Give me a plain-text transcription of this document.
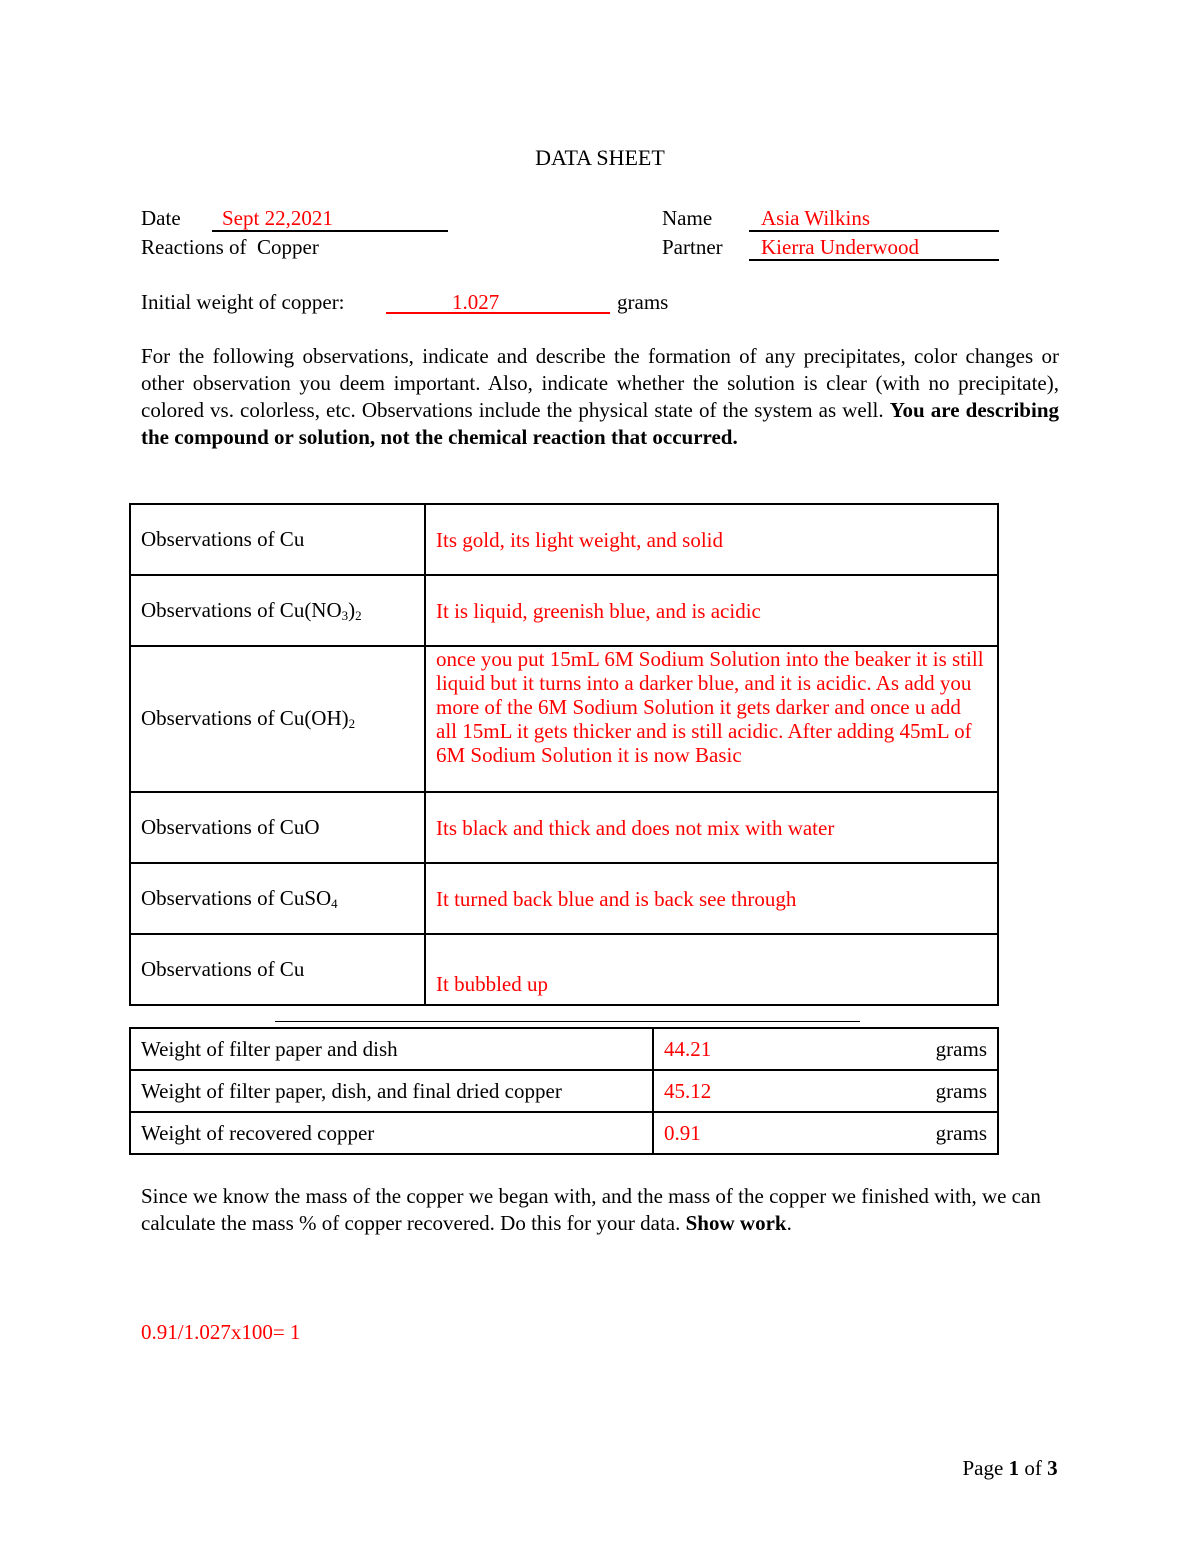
DATA SHEET
Date	Sept 22,2021	Name	Asia Wilkins
Reactions of  Copper	Partner	Kierra Underwood
Initial weight of copper:	1.027	grams
For the following observations, indicate and describe the formation of any precipitates, color changes or other observation you deem important. Also, indicate whether the solution is clear (with no precipitate), colored vs. colorless, etc. Observations include the physical state of the system as well. You are describing the compound or solution, not the chemical reaction that occurred.
Observations of Cu	Its gold, its light weight, and solid
Observations of $Cu(NO_3)_2$	It is liquid, greenish blue, and is acidic
Observations of $Cu(OH)_2$	once you put 15mL 6M Sodium Solution into the beaker it is still liquid but it turns into a darker blue, and it is acidic. As add you more of the 6M Sodium Solution it gets darker and once u add all 15mL it gets thicker and is still acidic. After adding 45mL of 6M Sodium Solution it is now Basic
Observations of CuO	Its black and thick and does not mix with water
Observations of CuSO$_4$	It turned back blue and is back see through
Observations of Cu	It bubbled up
Weight of filter paper and dish	44.21 grams

Weight of filter paper, dish, and final dried copper	45.12 grams

Weight of recovered copper	0.91 grams
Since we know the mass of the copper we began with, and the mass of the copper we finished with, we can calculate the mass % of copper recovered. Do this for your data. Show work.
0.91/1.027x100= 1

Page 1 of 3
